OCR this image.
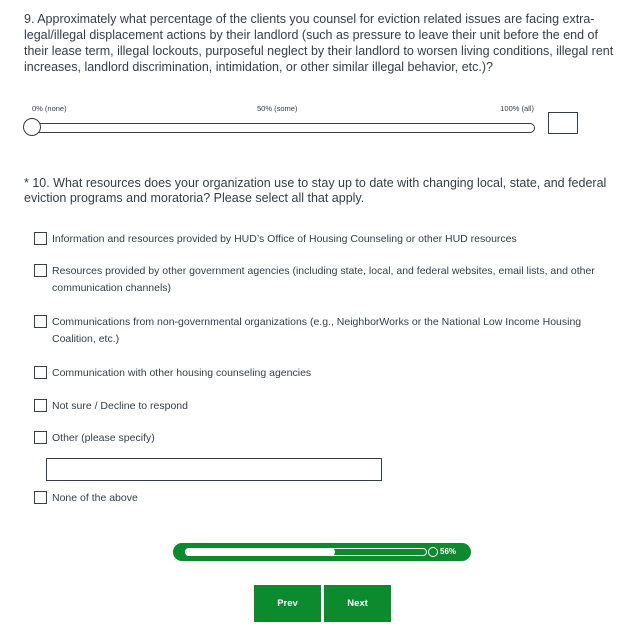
9. Approximately what percentage of the clients you counsel for eviction related issues are facing extra-legal/illegal displacement actions by their landlord (such as pressure to leave their unit before the end of their lease term, illegal lockouts, purposeful neglect by their landlord to worsen living conditions, illegal rent increases, landlord discrimination, intimidation, or other similar illegal behavior, etc.)?
0% (none)	50% (some)	100% (all)
* 10. What resources does your organization use to stay up to date with changing local, state, and federal eviction programs and moratoria? Please select all that apply.
Information and resources provided by HUD’s Office of Housing Counseling or other HUD resources
Resources provided by other government agencies (including state, local, and federal websites, email lists, and other communication channels)
Communications from non-governmental organizations (e.g., NeighborWorks or the National Low Income Housing Coalition, etc.)
Communication with other housing counseling agencies
Not sure / Decline to respond
Other (please specify)
None of the above
56%
Prev	Next
